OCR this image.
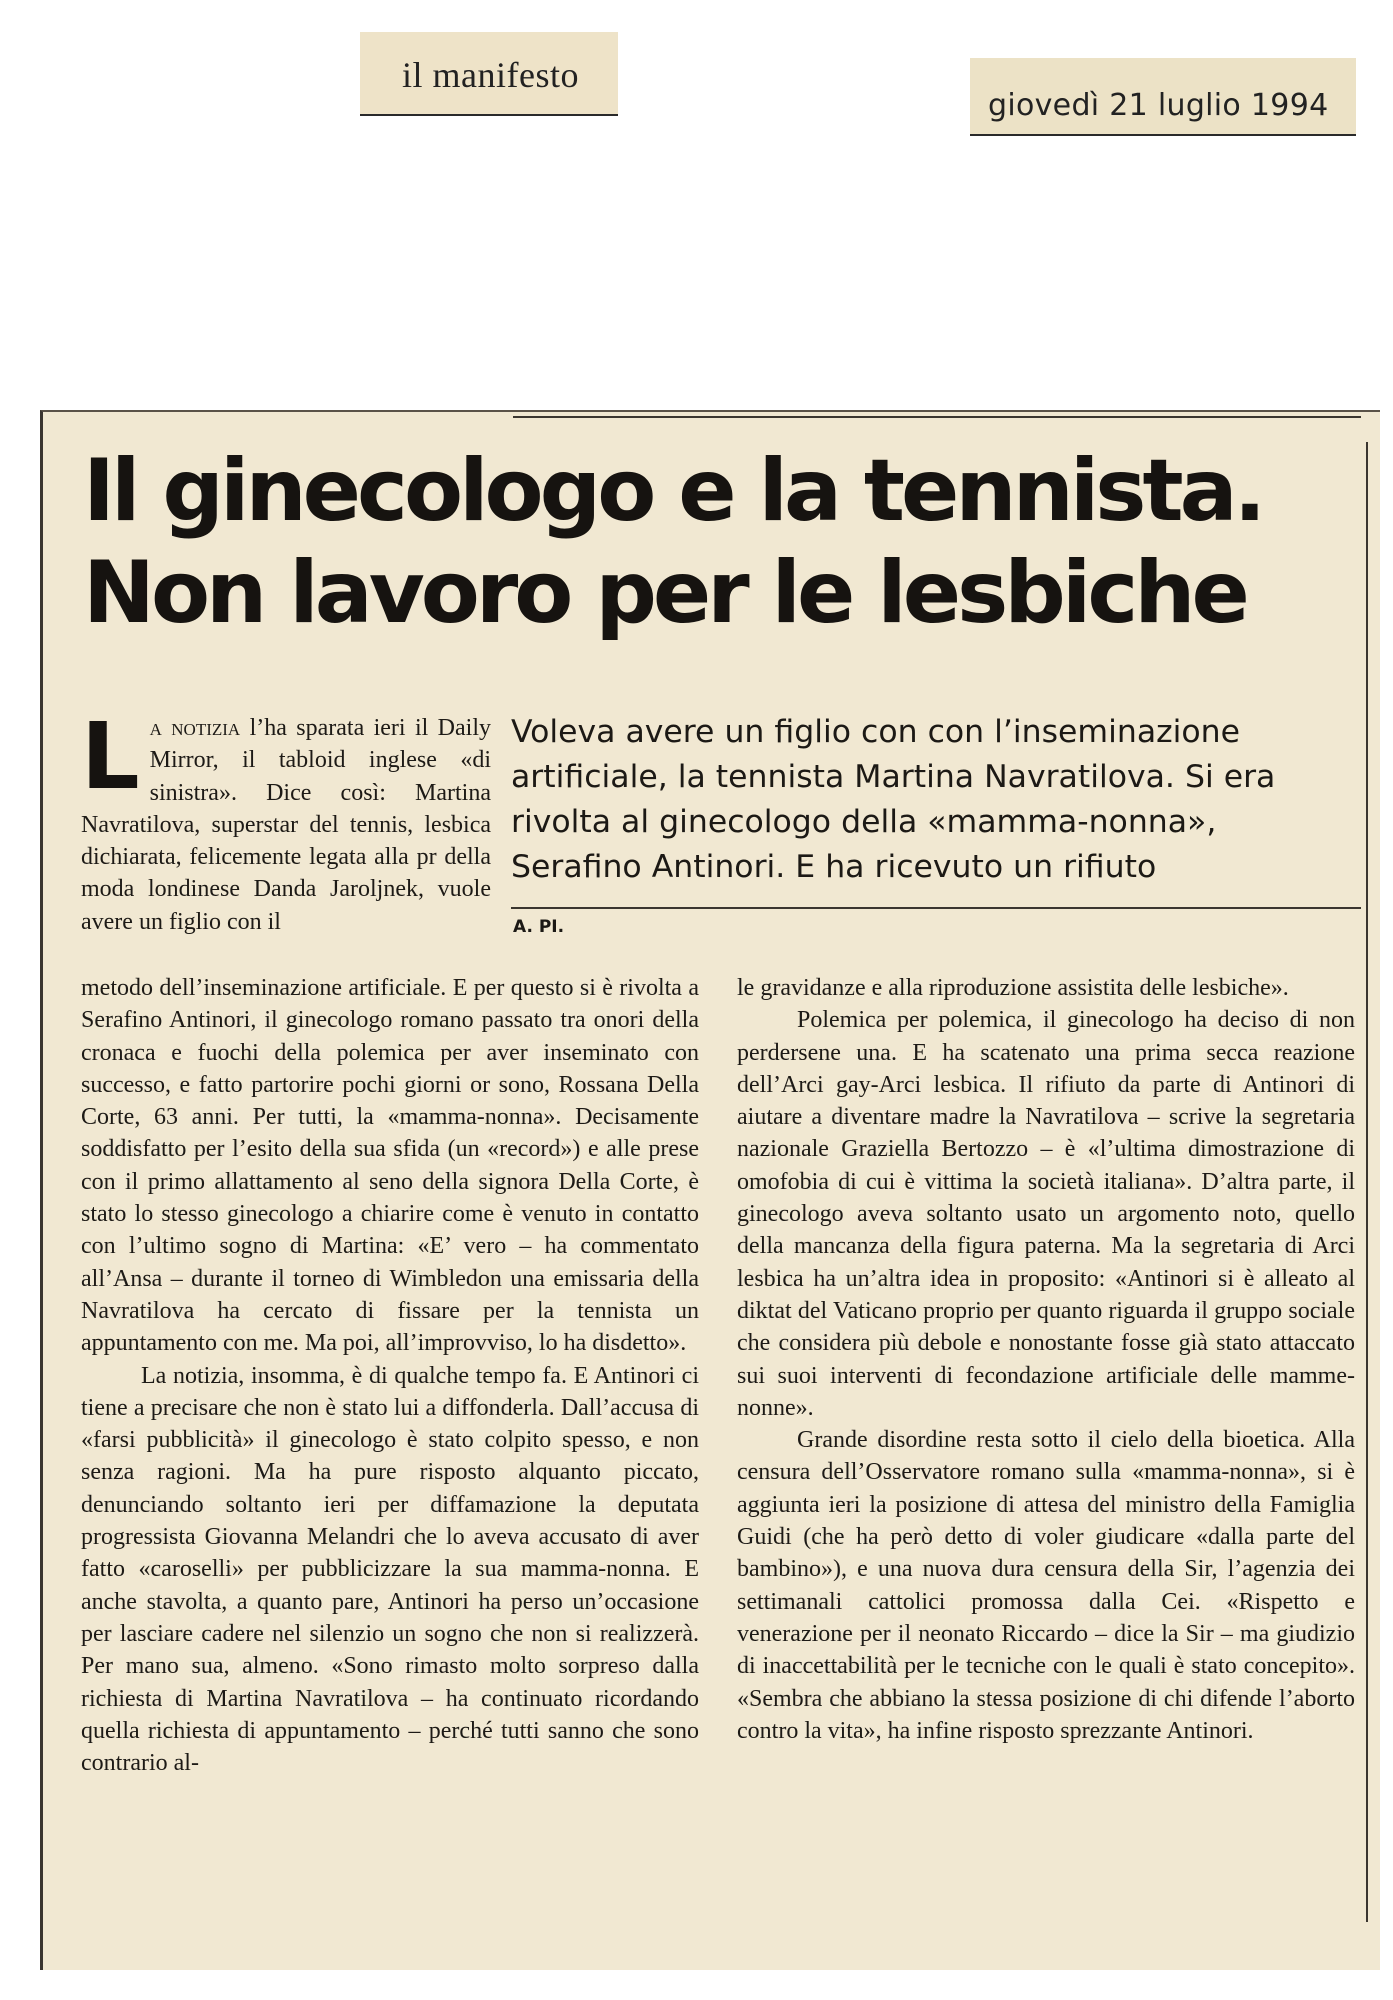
il manifesto
giovedì 21 luglio 1994
Il ginecologo e la tennista.
Non lavoro per le lesbiche
La notizia l’ha sparata ieri il Daily Mirror, il tabloid inglese «di sinistra». Dice così: Martina Navratilova, superstar del tennis, lesbica dichiarata, felicemente legata alla pr della moda londinese Danda Jaroljnek, vuole avere un figlio con il
Voleva avere un figlio con con l’inseminazione artificiale, la tennista Martina Navratilova. Si era rivolta al ginecologo della «mamma-nonna», Serafino Antinori. E ha ricevuto un rifiuto
A. PI.

metodo dell’inseminazione artificiale. E per questo si è rivolta a Serafino Antinori, il ginecologo romano passato tra onori della cronaca e fuochi della polemica per aver inseminato con successo, e fatto partorire pochi giorni or sono, Rossana Della Corte, 63 anni. Per tutti, la «mamma-nonna». Decisamente soddisfatto per l’esito della sua sfida (un «record») e alle prese con il primo allattamento al seno della signora Della Corte, è stato lo stesso ginecologo a chiarire come è venuto in contatto con l’ultimo sogno di Martina: «E’ vero – ha commentato all’Ansa – durante il torneo di Wimbledon una emissaria della Navratilova ha cercato di fissare per la tennista un appuntamento con me. Ma poi, all’improvviso, lo ha disdetto».

La notizia, insomma, è di qualche tempo fa. E Antinori ci tiene a precisare che non è stato lui a diffonderla. Dall’accusa di «farsi pubblicità» il ginecologo è stato colpito spesso, e non senza ragioni. Ma ha pure risposto alquanto piccato, denunciando soltanto ieri per diffamazione la deputata progressista Giovanna Melandri che lo aveva accusato di aver fatto «caroselli» per pubblicizzare la sua mamma-nonna. E anche stavolta, a quanto pare, Antinori ha perso un’occasione per lasciare cadere nel silenzio un sogno che non si realizzerà. Per mano sua, almeno. «Sono rimasto molto sorpreso dalla richiesta di Martina Navratilova – ha continuato ricordando quella richiesta di appuntamento – perché tutti sanno che sono contrario al-

le gravidanze e alla riproduzione assistita delle lesbiche».

Polemica per polemica, il ginecologo ha deciso di non perdersene una. E ha scatenato una prima secca reazione dell’Arci gay-Arci lesbica. Il rifiuto da parte di Antinori di aiutare a diventare madre la Navratilova – scrive la segretaria nazionale Graziella Bertozzo – è «l’ultima dimostrazione di omofobia di cui è vittima la società italiana». D’altra parte, il ginecologo aveva soltanto usato un argomento noto, quello della mancanza della figura paterna. Ma la segretaria di Arci lesbica ha un’altra idea in proposito: «Antinori si è alleato al diktat del Vaticano proprio per quanto riguarda il gruppo sociale che considera più debole e nonostante fosse già stato attaccato sui suoi interventi di fecondazione artificiale delle mamme-nonne».

Grande disordine resta sotto il cielo della bioetica. Alla censura dell’Osservatore romano sulla «mamma-nonna», si è aggiunta ieri la posizione di attesa del ministro della Famiglia Guidi (che ha però detto di voler giudicare «dalla parte del bambino»), e una nuova dura censura della Sir, l’agenzia dei settimanali cattolici promossa dalla Cei. «Rispetto e venerazione per il neonato Riccardo – dice la Sir – ma giudizio di inaccettabilità per le tecniche con le quali è stato concepito». «Sembra che abbiano la stessa posizione di chi difende l’aborto contro la vita», ha infine risposto sprezzante Antinori.
